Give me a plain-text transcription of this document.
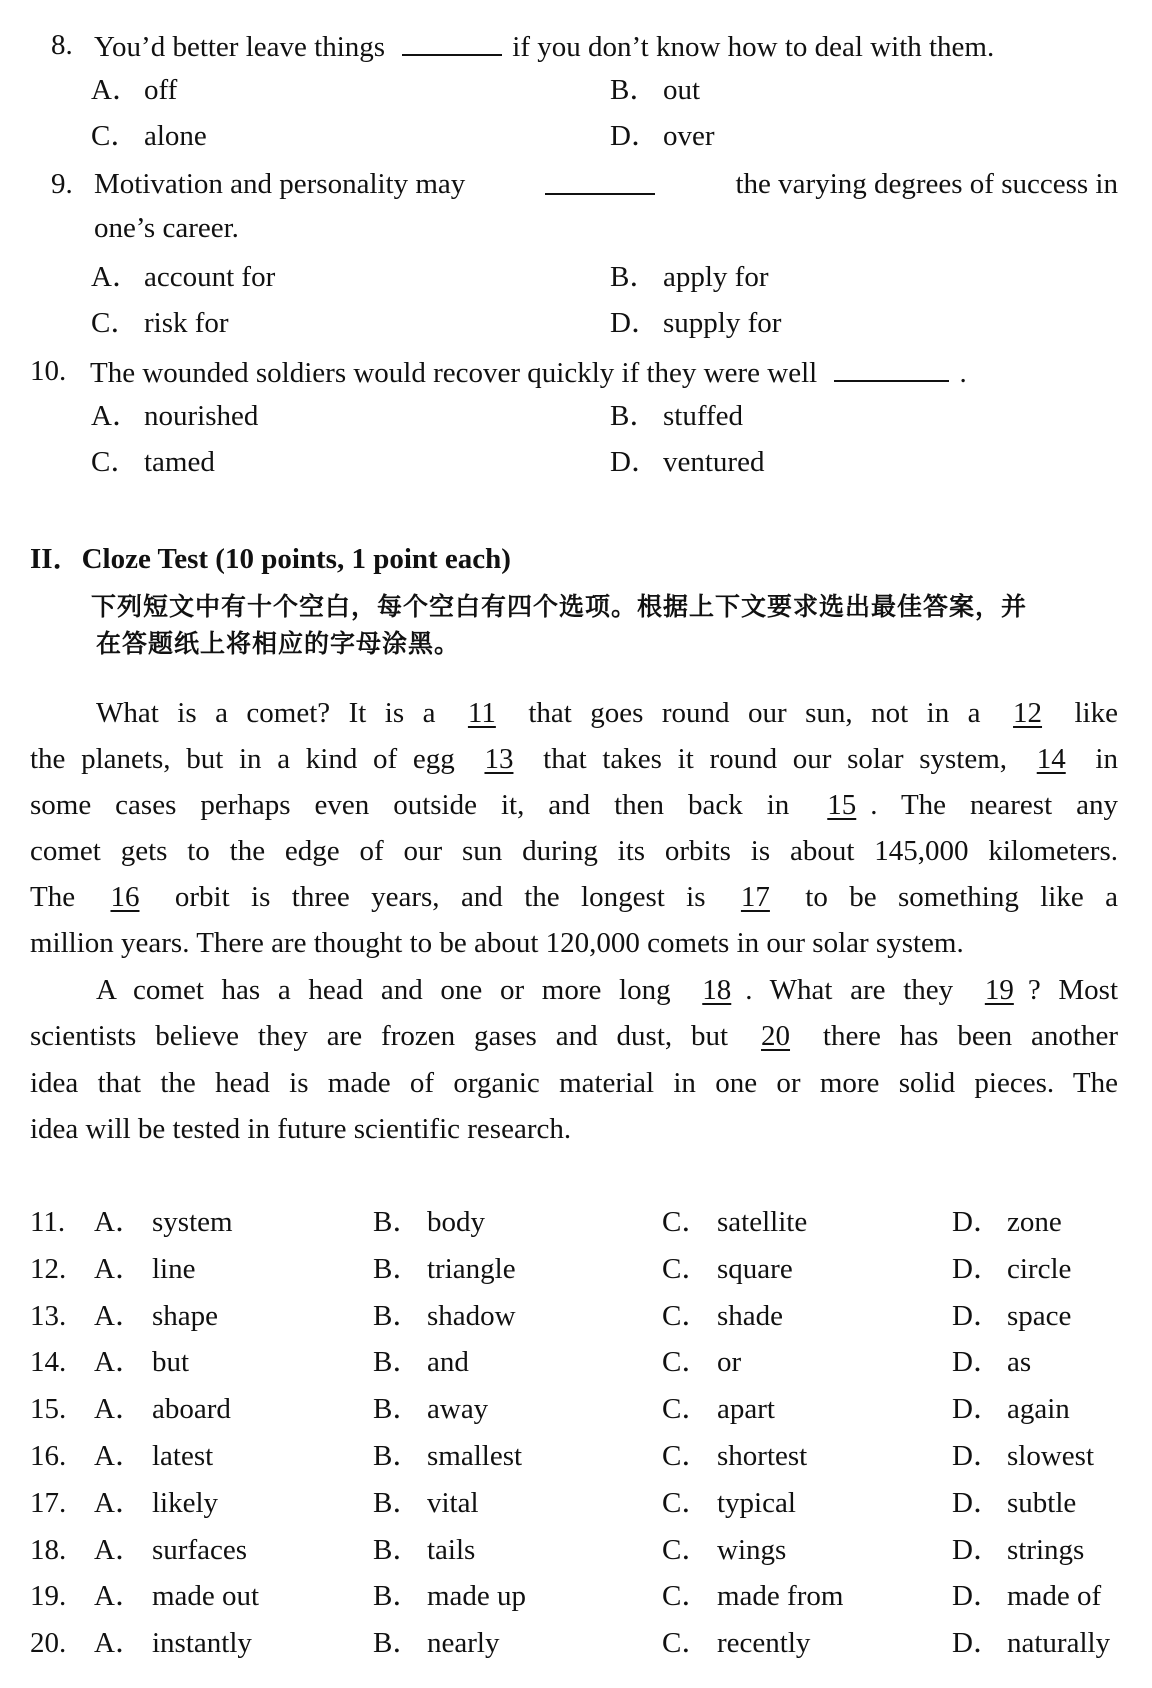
II．Cloze Test (10 points, 1 point each)
下列短文中有十个空白，每个空白有四个选项。根据上下文要求选出最佳答案，并
在答题纸上将相应的字母涂黑。
8. You’d better leave things	if you don’t know how to deal with them.
A． off	B． out
C． alone	D． over
9. Motivation and personality may	the varying degrees of success in
one’s career.
A． account for	B． apply for
C． risk for	D． supply for
10. The wounded soldiers would recover quickly if they were well	.
A． nourished	B． stuffed
C． tamed	D． ventured
What is a comet? It is a 11 that goes round our sun, not in a 12 like
the planets, but in a kind of egg 13 that takes it round our solar system, 14 in
some cases perhaps even outside it, and then back in 15 . The nearest any
comet gets to the edge of our sun during its orbits is about 145,000 kilometers.
The 16 orbit is three years, and the longest is 17 to be something like a
million years. There are thought to be about 120,000 comets in our solar system.
A comet has a head and one or more long 18 . What are they 19 ? Most
scientists believe they are frozen gases and dust, but 20 there has been another
idea that the head is made of organic material in one or more solid pieces. The
idea will be tested in future scientific research.
11. A． system	B． body	C． satellite	D． zone
12. A． line	B． triangle	C． square	D． circle
13. A． shape	B． shadow	C． shade	D． space
14. A． but	B． and	C． or	D． as
15. A． aboard	B． away	C． apart	D． again
16. A． latest	B． smallest	C． shortest	D． slowest
17. A． likely	B． vital	C． typical	D． subtle
18. A． surfaces	B． tails	C． wings	D． strings
19. A． made out	B． made up	C． made from	D． made of
20. A． instantly	B． nearly	C． recently	D． naturally
